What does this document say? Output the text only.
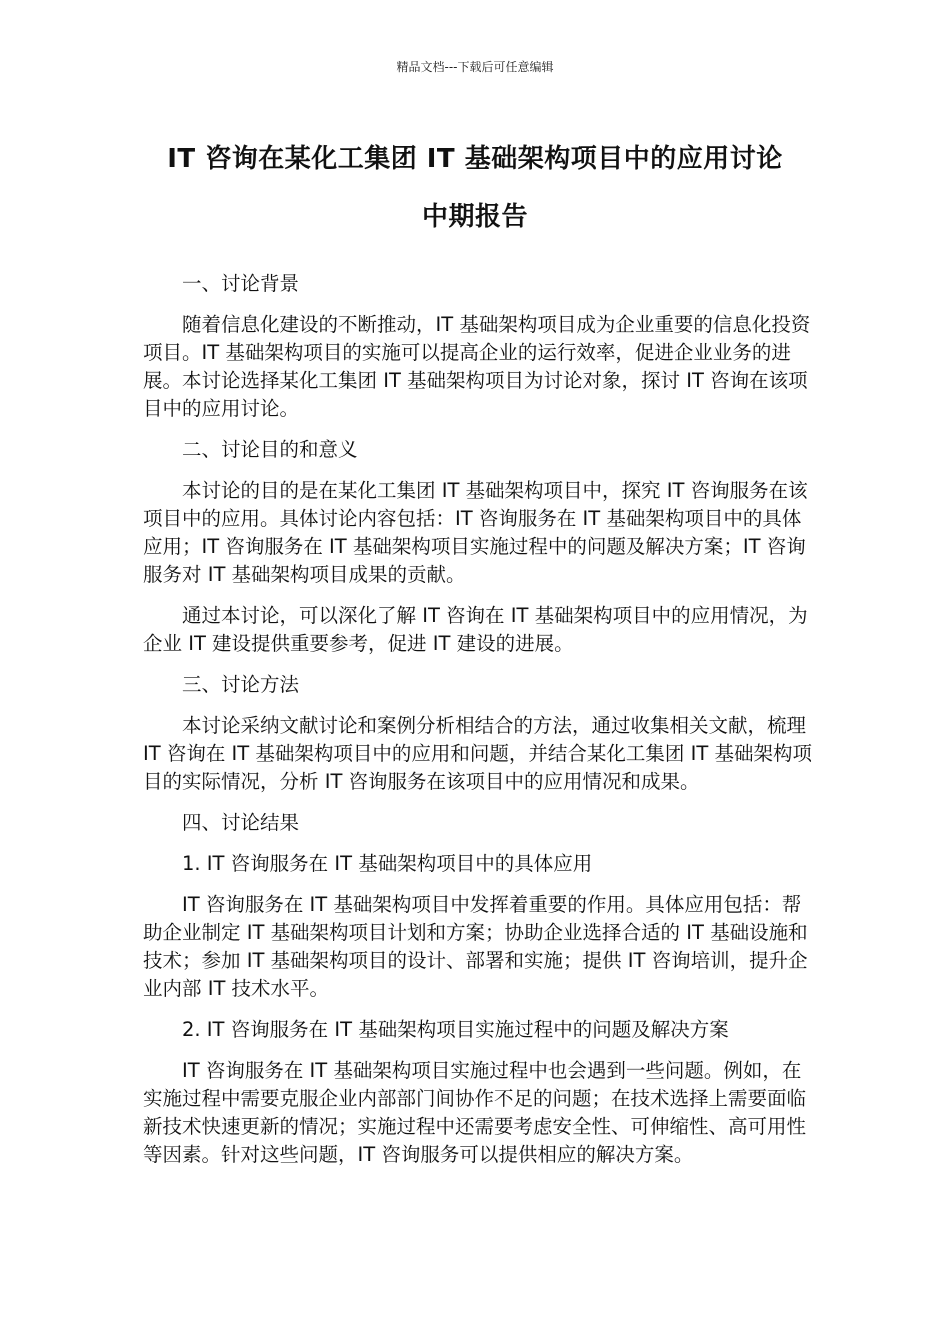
精品文档---下载后可任意编辑
IT 咨询在某化工集团 IT 基础架构项目中的应用讨论
中期报告

一、讨论背景

随着信息化建设的不断推动，IT 基础架构项目成为企业重要的信息化投资项目。IT 基础架构项目的实施可以提高企业的运行效率，促进企业业务的进展。本讨论选择某化工集团 IT 基础架构项目为讨论对象，探讨 IT 咨询在该项目中的应用讨论。

二、讨论目的和意义

本讨论的目的是在某化工集团 IT 基础架构项目中，探究 IT 咨询服务在该项目中的应用。具体讨论内容包括：IT 咨询服务在 IT 基础架构项目中的具体应用；IT 咨询服务在 IT 基础架构项目实施过程中的问题及解决方案；IT 咨询服务对 IT 基础架构项目成果的贡献。

通过本讨论，可以深化了解 IT 咨询在 IT 基础架构项目中的应用情况，为企业 IT 建设提供重要参考，促进 IT 建设的进展。

三、讨论方法

本讨论采纳文献讨论和案例分析相结合的方法，通过收集相关文献，梳理 IT 咨询在 IT 基础架构项目中的应用和问题，并结合某化工集团 IT 基础架构项目的实际情况，分析 IT 咨询服务在该项目中的应用情况和成果。

四、讨论结果

1. IT 咨询服务在 IT 基础架构项目中的具体应用

IT 咨询服务在 IT 基础架构项目中发挥着重要的作用。具体应用包括：帮助企业制定 IT 基础架构项目计划和方案；协助企业选择合适的 IT 基础设施和技术；参加 IT 基础架构项目的设计、部署和实施；提供 IT 咨询培训，提升企业内部 IT 技术水平。

2. IT 咨询服务在 IT 基础架构项目实施过程中的问题及解决方案

IT 咨询服务在 IT 基础架构项目实施过程中也会遇到一些问题。例如，在实施过程中需要克服企业内部部门间协作不足的问题；在技术选择上需要面临新技术快速更新的情况；实施过程中还需要考虑安全性、可伸缩性、高可用性等因素。针对这些问题，IT 咨询服务可以提供相应的解决方案。
